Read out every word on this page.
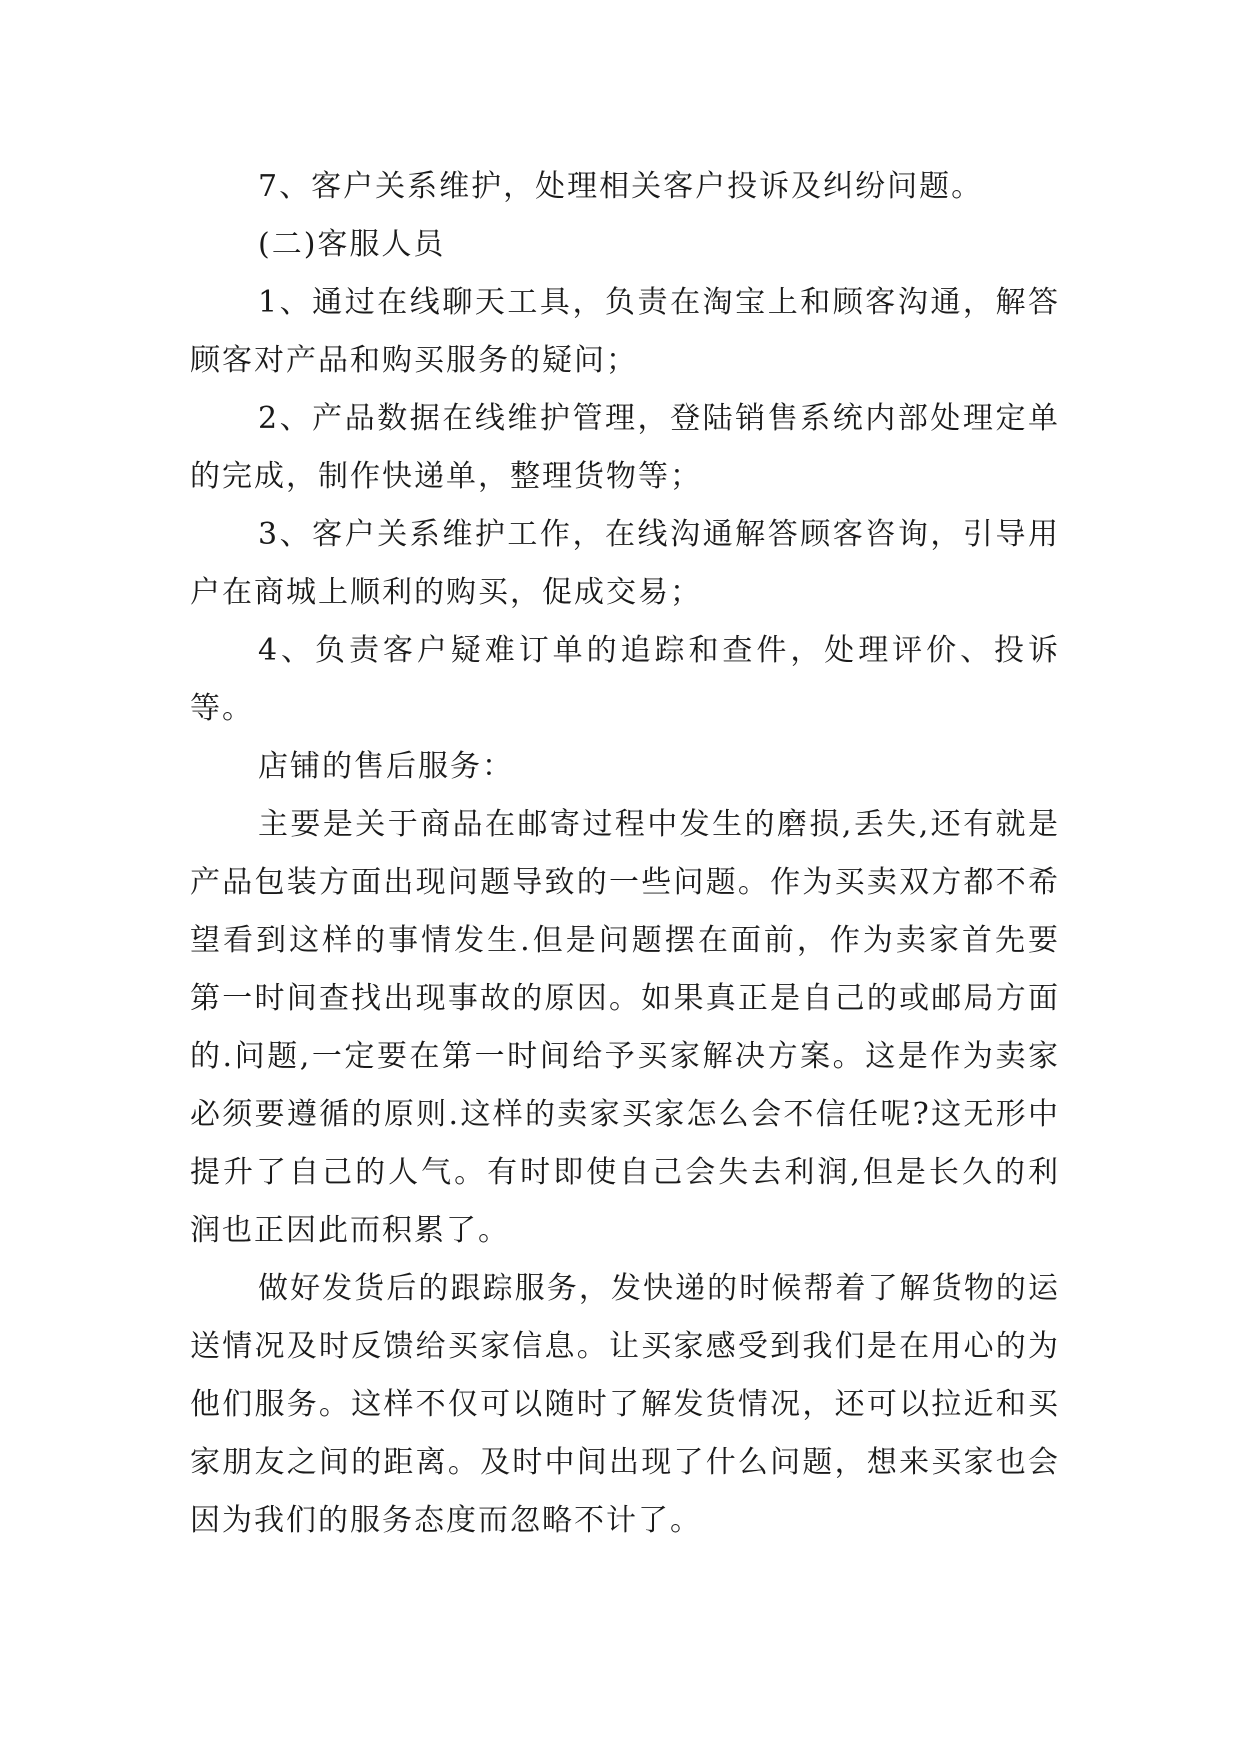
7、客户关系维护，处理相关客户投诉及纠纷问题。

(二)客服人员

1、通过在线聊天工具，负责在淘宝上和顾客沟通，解答顾客对产品和购买服务的疑问；

2、产品数据在线维护管理，登陆销售系统内部处理定单的完成，制作快递单，整理货物等；

3、客户关系维护工作，在线沟通解答顾客咨询，引导用户在商城上顺利的购买，促成交易；

4、负责客户疑难订单的追踪和查件，处理评价、投诉等。

店铺的售后服务：

主要是关于商品在邮寄过程中发生的磨损,丢失,还有就是产品包装方面出现问题导致的一些问题。作为买卖双方都不希望看到这样的事情发生.但是问题摆在面前，作为卖家首先要第一时间查找出现事故的原因。如果真正是自己的或邮局方面的.问题,一定要在第一时间给予买家解决方案。这是作为卖家必须要遵循的原则.这样的卖家买家怎么会不信任呢?这无形中提升了自己的人气。有时即使自己会失去利润,但是长久的利润也正因此而积累了。

做好发货后的跟踪服务，发快递的时候帮着了解货物的运送情况及时反馈给买家信息。让买家感受到我们是在用心的为他们服务。这样不仅可以随时了解发货情况，还可以拉近和买家朋友之间的距离。及时中间出现了什么问题，想来买家也会因为我们的服务态度而忽略不计了。
